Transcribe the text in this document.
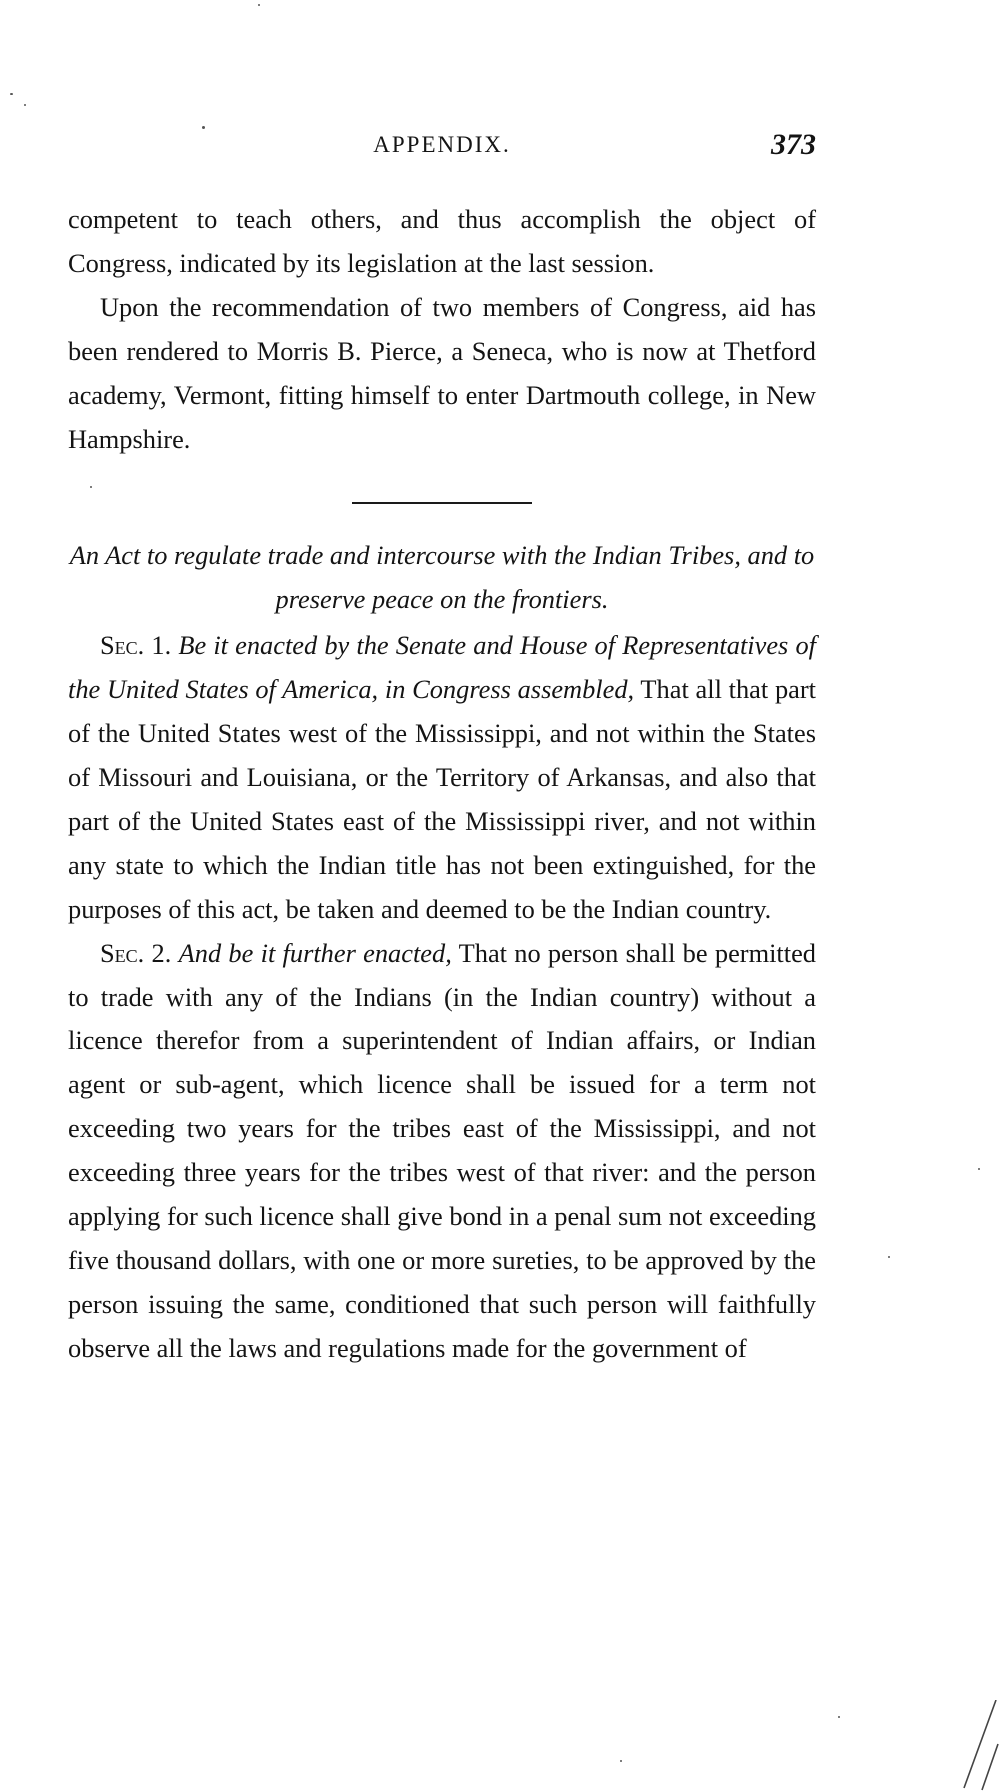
APPENDIX.	373

competent to teach others, and thus accomplish the object of Congress, indicated by its legislation at the last session.

Upon the recommendation of two members of Congress, aid has been rendered to Morris B. Pierce, a Seneca, who is now at Thetford academy, Vermont, fitting himself to enter Dartmouth college, in New Hampshire.

An Act to regulate trade and intercourse with the Indian Tribes, and to preserve peace on the frontiers.

Sec. 1. Be it enacted by the Senate and House of Representatives of the United States of America, in Congress assembled, That all that part of the United States west of the Mississippi, and not within the States of Missouri and Louisiana, or the Territory of Arkansas, and also that part of the United States east of the Mississippi river, and not within any state to which the Indian title has not been extinguished, for the purposes of this act, be taken and deemed to be the Indian country.

Sec. 2. And be it further enacted, That no person shall be permitted to trade with any of the Indians (in the Indian country) without a licence therefor from a superintendent of Indian affairs, or Indian agent or sub-agent, which licence shall be issued for a term not exceeding two years for the tribes east of the Mississippi, and not exceeding three years for the tribes west of that river: and the person applying for such licence shall give bond in a penal sum not exceeding five thousand dollars, with one or more sureties, to be approved by the person issuing the same, conditioned that such person will faithfully observe all the laws and regulations made for the government of
